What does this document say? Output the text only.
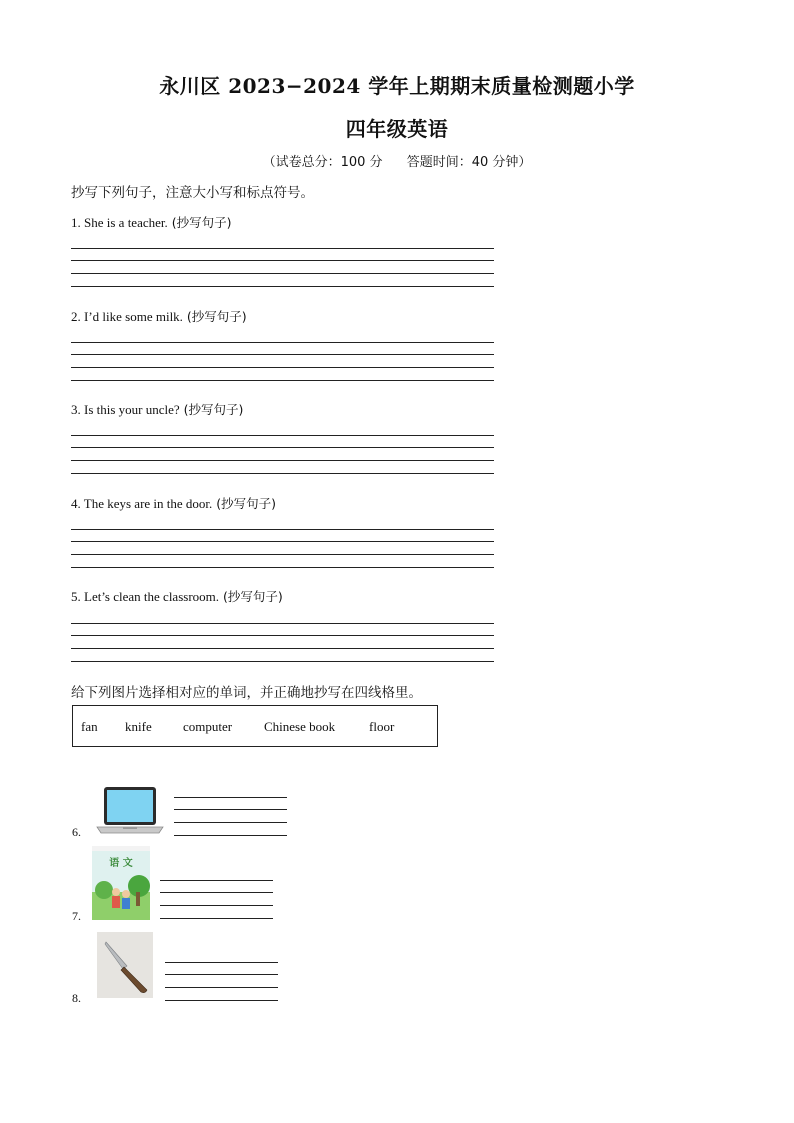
永川区 2023−2024 学年上期期末质量检测题小学
四年级英语
（试卷总分：100 分 答题时间：40 分钟）
抄写下列句子，注意大小写和标点符号。
1. She is a teacher. (抄写句子)
2. I’d like some milk. (抄写句子)
3. Is this your uncle? (抄写句子)
4. The keys are in the door. (抄写句子)
5. Let’s clean the classroom. (抄写句子)
给下列图片选择相对应的单词，并正确地抄写在四线格里。
fan knife computer Chinese book	floor
6.
7.
语 文
8.
